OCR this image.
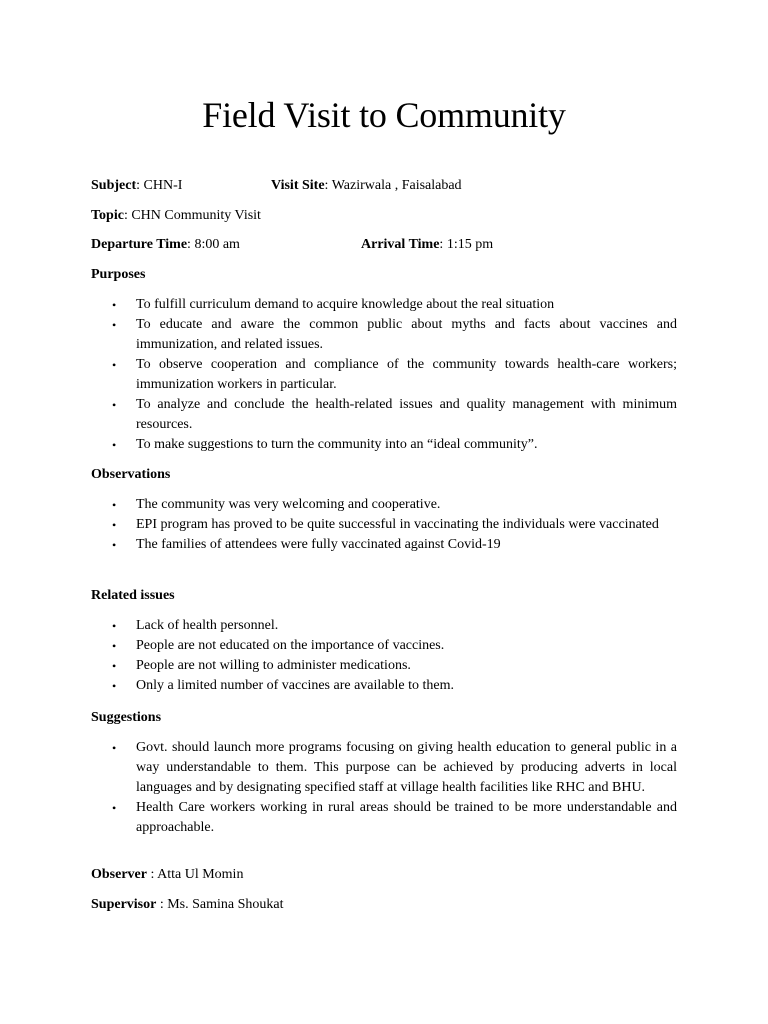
Field Visit to Community
Subject: CHN-I	Visit Site: Wazirwala , Faisalabad
Topic: CHN Community Visit
Departure Time: 8:00 am	Arrival Time: 1:15 pm
Purposes
• To fulfill curriculum demand to acquire knowledge about the real situation
• To educate and aware the common public about myths and facts about vaccines and immunization, and related issues.
• To observe cooperation and compliance of the community towards health-care workers; immunization workers in particular.
• To analyze and conclude the health-related issues and quality management with minimum resources.
• To make suggestions to turn the community into an “ideal community”.
Observations
• The community was very welcoming and cooperative.
• EPI program has proved to be quite successful in vaccinating the individuals were vaccinated
• The families of attendees were fully vaccinated against Covid-19
Related issues
• Lack of health personnel.
• People are not educated on the importance of vaccines.
• People are not willing to administer medications.
• Only a limited number of vaccines are available to them.
Suggestions
• Govt. should launch more programs focusing on giving health education to general public in a way understandable to them. This purpose can be achieved by producing adverts in local languages and by designating specified staff at village health facilities like RHC and BHU.
• Health Care workers working in rural areas should be trained to be more understandable and approachable.
Observer : Atta Ul Momin
Supervisor : Ms. Samina Shoukat
